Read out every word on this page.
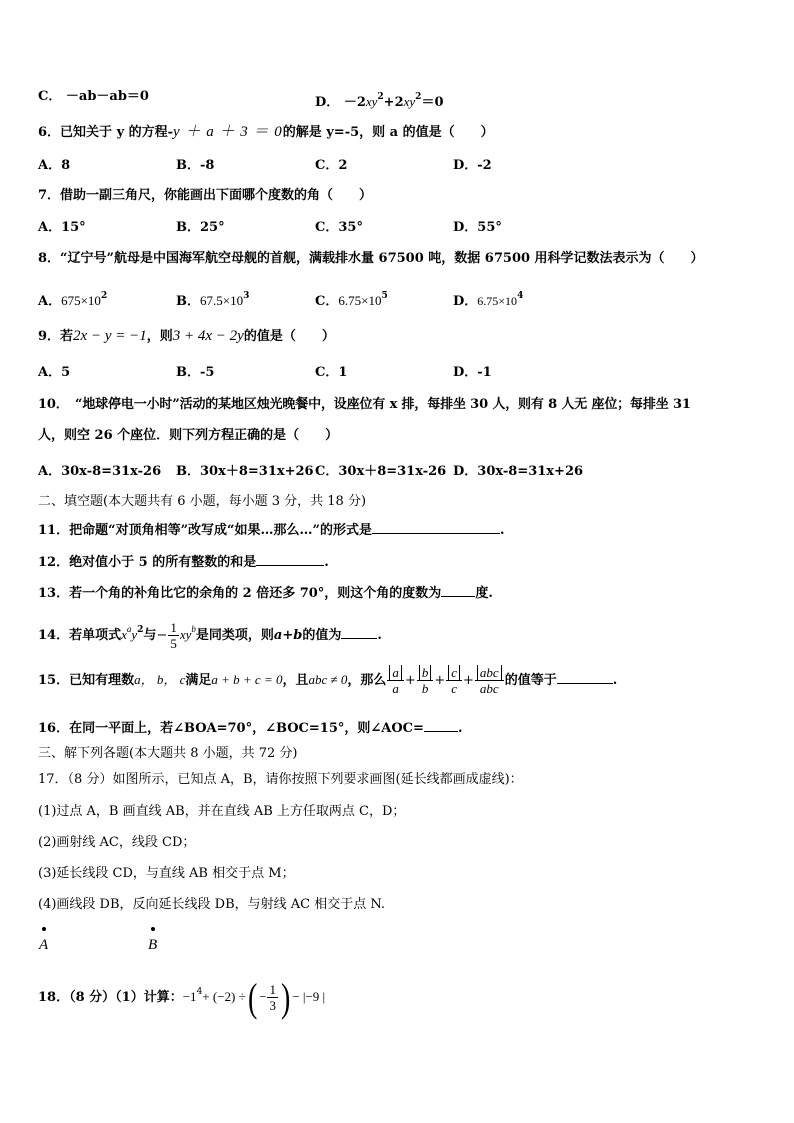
C． －ab－ab＝0	D． $-2xy^2+2xy^2=0$
6．已知关于 y 的方程-y ＋ a ＋ 3 ＝ 0的解是 y=-5，则 a 的值是（　　）
A．8	B．-8	C．2	D．-2
7．借助一副三角尺，你能画出下面哪个度数的角（　　）
A．15°	B．25°	C．35°	D．55°
8．“辽宁号”航母是中国海军航空母舰的首舰，满载排水量 67500 吨，数据 67500 用科学记数法表示为（　　）
A．$675\times 10^2$	B．$67.5\times 10^3$	C．$6.75\times 10^5$	D．$6.75\times 10^4$
9．若2x − y = −1，则3 + 4x − 2y的值是（　　）
A．5	B．-5	C．1	D．-1
10．　“地球停电一小时”活动的某地区烛光晚餐中，设座位有 x 排，每排坐 30 人，则有 8 人无 座位；每排坐 31
人，则空 26 个座位．则下列方程正确的是（　　）
A．30x-8=31x-26 B．30x＋8=31x+26 C．30x＋8=31x-26 D．30x-8=31x+26
二、填空题(本大题共有 6 小题，每小题 3 分，共 18 分)
11．把命题“对顶角相等”改写成“如果…那么…”的形式是	.
12．绝对值小于 5 的所有整数的和是	.
13．若一个角的补角比它的余角的 2 倍还多 70°，则这个角的度数为	度.
14．若单项式$x^ay^2$与− $\frac{1}{5} xy^b$是同类项，则a+b的值为	.
15．已知有理数a， b， c满足a + b + c = 0，且abc ≠ 0，那么 $\frac{a}{a} + \frac{b}{b} + \frac{c}{c} + \frac{\text{abc}}{\text{abc}}$ 的值等于	.
16．在同一平面上，若∠BOA=70°，∠BOC=15°，则∠AOC=	.
三、解下列各题(本大题共 8 小题，共 72 分)
17．（8 分）如图所示，已知点 A，B，请你按照下列要求画图(延长线都画成虚线)：
(1)过点 A，B 画直线 AB，并在直线 AB 上方任取两点 C，D；
(2)画射线 AC，线段 CD；
(3)延长线段 CD，与直线 AB 相交于点 M；
(4)画线段 DB，反向延长线段 DB，与射线 AC 相交于点 N.
A	B
18．（8 分）（1）计算：$-1^4+ (-2)$ ÷( − $\frac{1}{3}$ ) − |−9 |
